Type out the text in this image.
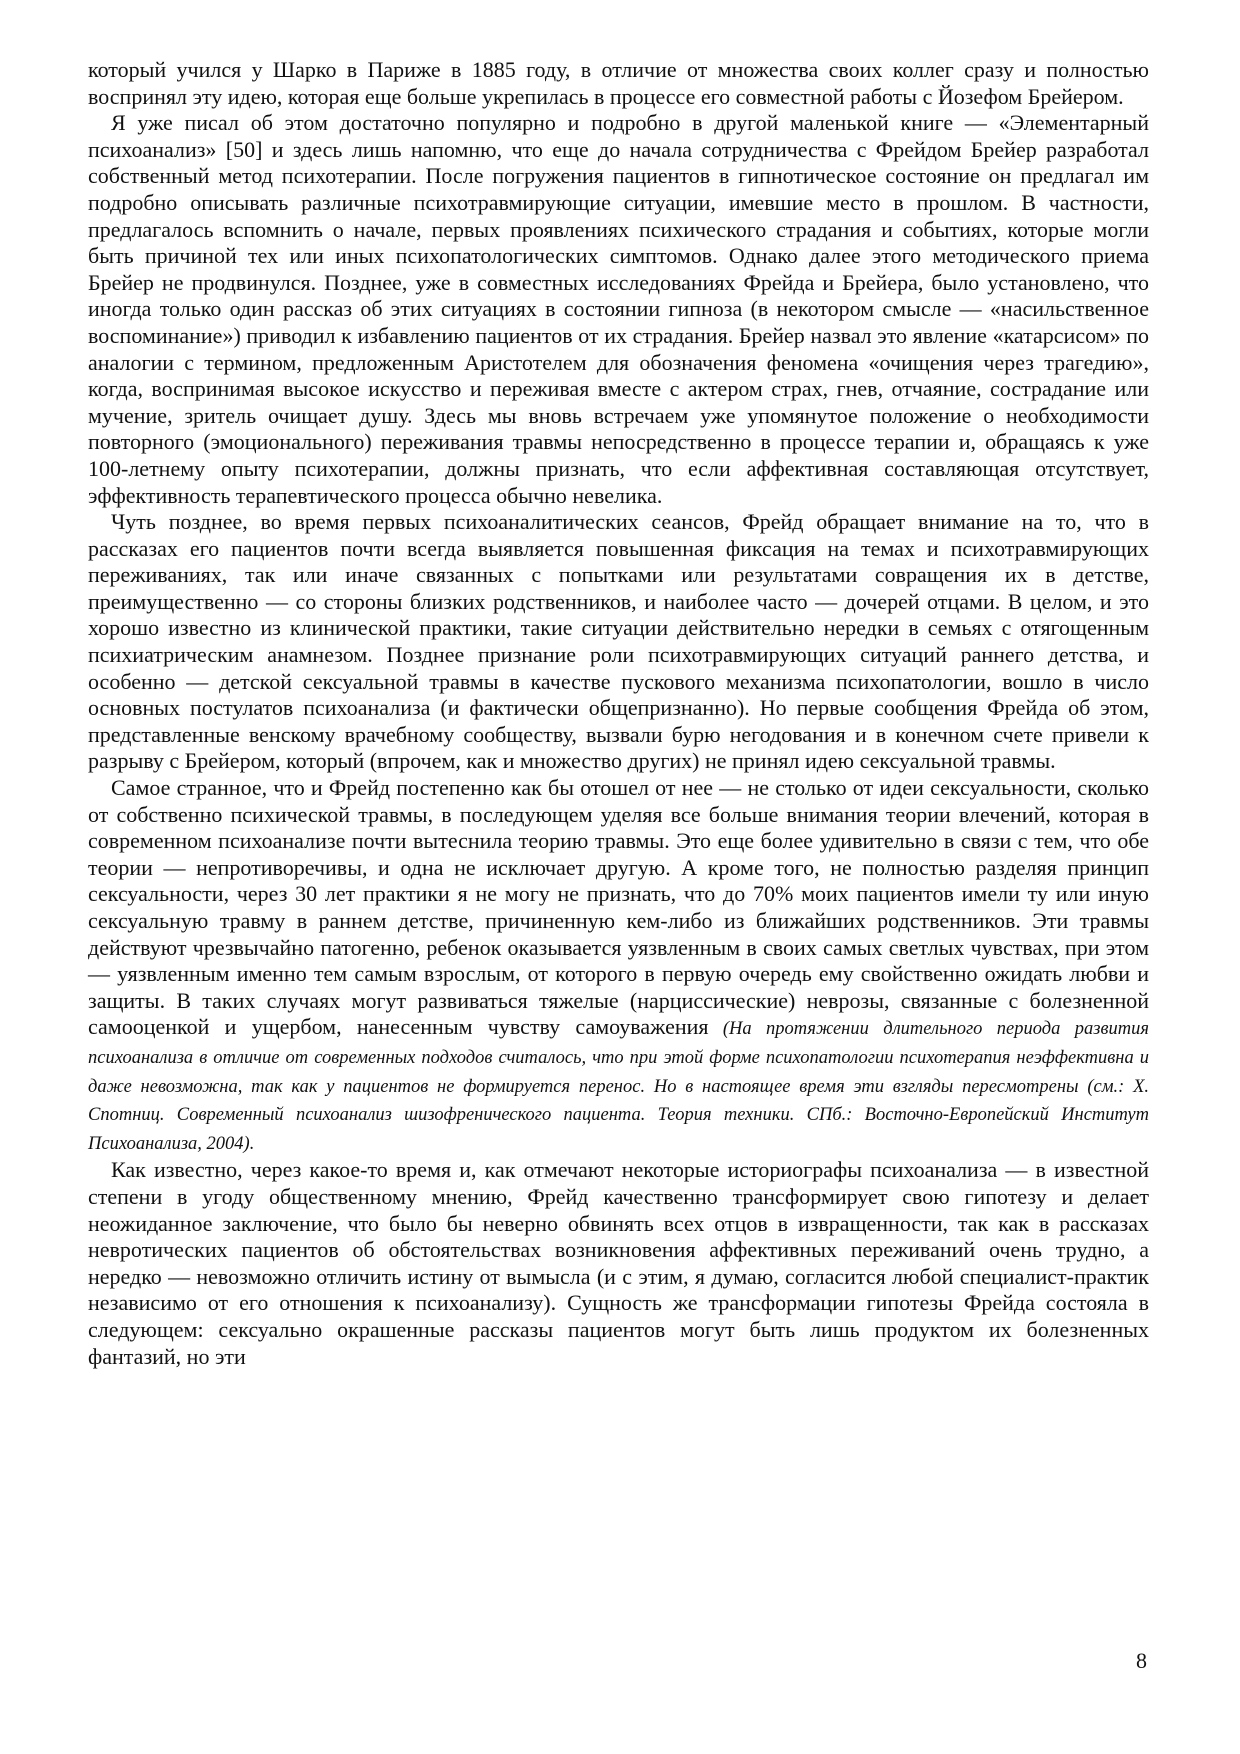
который учился у Шарко в Париже в 1885 году, в отличие от множества своих коллег сразу и полностью воспринял эту идею, которая еще больше укрепилась в процессе его совместной работы с Йозефом Брейером.

Я уже писал об этом достаточно популярно и подробно в другой маленькой книге — «Элементарный психоанализ» [50] и здесь лишь напомню, что еще до начала сотрудничества с Фрейдом Брейер разработал собственный метод психотерапии. После погружения пациентов в гипнотическое состояние он предлагал им подробно описывать различные психотравмирующие ситуации, имевшие место в прошлом. В частности, предлагалось вспомнить о начале, первых проявлениях психического страдания и событиях, которые могли быть причиной тех или иных психопатологических симптомов. Однако далее этого методического приема Брейер не продвинулся. Позднее, уже в совместных исследованиях Фрейда и Брейера, было установлено, что иногда только один рассказ об этих ситуациях в состоянии гипноза (в некотором смысле — «насильственное воспоминание») приводил к избавлению пациентов от их страдания. Брейер назвал это явление «катарсисом» по аналогии с термином, предложенным Аристотелем для обозначения феномена «очищения через трагедию», когда, воспринимая высокое искусство и переживая вместе с актером страх, гнев, отчаяние, сострадание или мучение, зритель очищает душу. Здесь мы вновь встречаем уже упомянутое положение о необходимости повторного (эмоционального) переживания травмы непосредственно в процессе терапии и, обращаясь к уже 100-летнему опыту психотерапии, должны признать, что если аффективная составляющая отсутствует, эффективность терапевтического процесса обычно невелика.

Чуть позднее, во время первых психоаналитических сеансов, Фрейд обращает внимание на то, что в рассказах его пациентов почти всегда выявляется повышенная фиксация на темах и психотравмирующих переживаниях, так или иначе связанных с попытками или результатами совращения их в детстве, преимущественно — со стороны близких родственников, и наиболее часто — дочерей отцами. В целом, и это хорошо известно из клинической практики, такие ситуации действительно нередки в семьях с отягощенным психиатрическим анамнезом. Позднее признание роли психотравмирующих ситуаций раннего детства, и особенно — детской сексуальной травмы в качестве пускового механизма психопатологии, вошло в число основных постулатов психоанализа (и фактически общепризнанно). Но первые сообщения Фрейда об этом, представленные венскому врачебному сообществу, вызвали бурю негодования и в конечном счете привели к разрыву с Брейером, который (впрочем, как и множество других) не принял идею сексуальной травмы.

Самое странное, что и Фрейд постепенно как бы отошел от нее — не столько от идеи сексуальности, сколько от собственно психической травмы, в последующем уделяя все больше внимания теории влечений, которая в современном психоанализе почти вытеснила теорию травмы. Это еще более удивительно в связи с тем, что обе теории — непротиворечивы, и одна не исключает другую. А кроме того, не полностью разделяя принцип сексуальности, через 30 лет практики я не могу не признать, что до 70% моих пациентов имели ту или иную сексуальную травму в раннем детстве, причиненную кем-либо из ближайших родственников. Эти травмы действуют чрезвычайно патогенно, ребенок оказывается уязвленным в своих самых светлых чувствах, при этом — уязвленным именно тем самым взрослым, от которого в первую очередь ему свойственно ожидать любви и защиты. В таких случаях могут развиваться тяжелые (нарциссические) неврозы, связанные с болезненной самооценкой и ущербом, нанесенным чувству самоуважения (На протяжении длительного периода развития психоанализа в отличие от современных подходов считалось, что при этой форме психопатологии психотерапия неэффективна и даже невозможна, так как у пациентов не формируется перенос. Но в настоящее время эти взгляды пересмотрены (см.: Х. Спотниц. Современный психоанализ шизофренического пациента. Теория техники. СПб.: Восточно-Европейский Институт Психоанализа, 2004).

Как известно, через какое-то время и, как отмечают некоторые историографы психоанализа — в известной степени в угоду общественному мнению, Фрейд качественно трансформирует свою гипотезу и делает неожиданное заключение, что было бы неверно обвинять всех отцов в извращенности, так как в рассказах невротических пациентов об обстоятельствах возникновения аффективных переживаний очень трудно, а нередко — невозможно отличить истину от вымысла (и с этим, я думаю, согласится любой специалист-практик независимо от его отношения к психоанализу). Сущность же трансформации гипотезы Фрейда состояла в следующем: сексуально окрашенные рассказы пациентов могут быть лишь продуктом их болезненных фантазий, но эти

8
